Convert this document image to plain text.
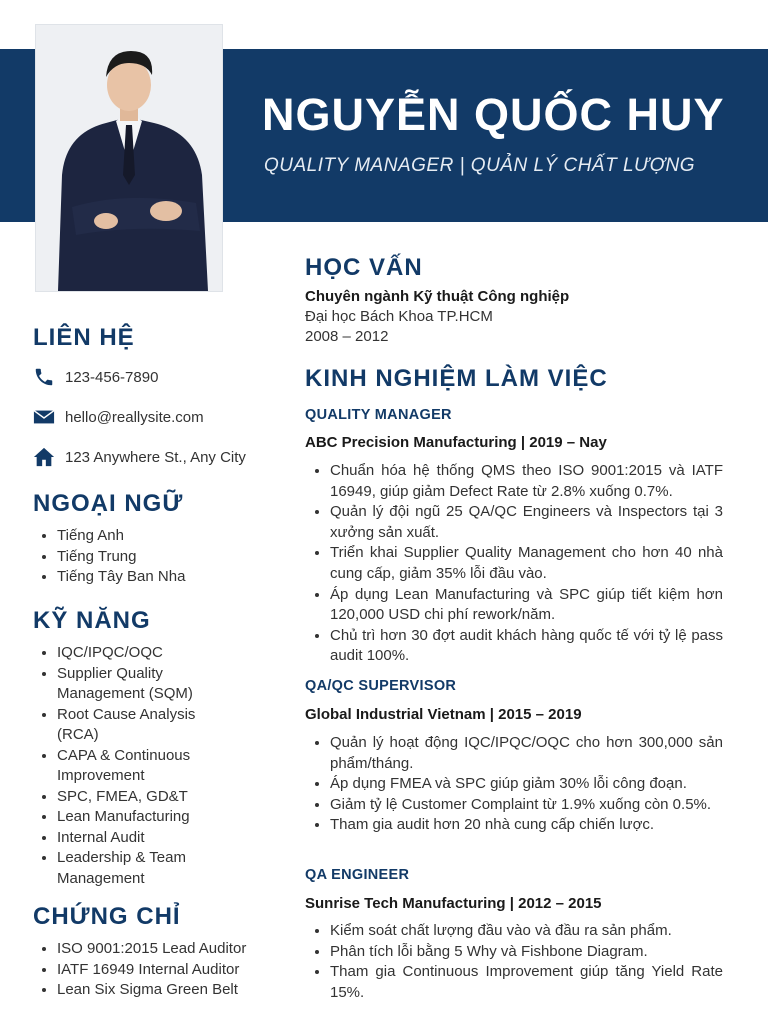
NGUYỄN QUỐC HUY
QUALITY MANAGER | QUẢN LÝ CHẤT LƯỢNG
LIÊN HỆ
123-456-7890
hello@reallysite.com
123 Anywhere St., Any City
NGOẠI NGỮ
• Tiếng Anh
• Tiếng Trung
• Tiếng Tây Ban Nha
KỸ NĂNG
• IQC/IPQC/OQC
• Supplier Quality Management (SQM)
• Root Cause Analysis (RCA)
• CAPA & Continuous Improvement
• SPC, FMEA, GD&T
• Lean Manufacturing
• Internal Audit
• Leadership & Team Management
CHỨNG CHỈ
• ISO 9001:2015 Lead Auditor
• IATF 16949 Internal Auditor
• Lean Six Sigma Green Belt
HỌC VẤN
Chuyên ngành Kỹ thuật Công nghiệp
Đại học Bách Khoa TP.HCM
2008 – 2012
KINH NGHIỆM LÀM VIỆC
QUALITY MANAGER
ABC Precision Manufacturing | 2019 – Nay
• Chuẩn hóa hệ thống QMS theo ISO 9001:2015 và IATF 16949, giúp giảm Defect Rate từ 2.8% xuống 0.7%.
• Quản lý đội ngũ 25 QA/QC Engineers và Inspectors tại 3 xưởng sản xuất.
• Triển khai Supplier Quality Management cho hơn 40 nhà cung cấp, giảm 35% lỗi đầu vào.
• Áp dụng Lean Manufacturing và SPC giúp tiết kiệm hơn 120,000 USD chi phí rework/năm.
• Chủ trì hơn 30 đợt audit khách hàng quốc tế với tỷ lệ pass audit 100%.
QA/QC SUPERVISOR
Global Industrial Vietnam | 2015 – 2019
• Quản lý hoạt động IQC/IPQC/OQC cho hơn 300,000 sản phẩm/tháng.
• Áp dụng FMEA và SPC giúp giảm 30% lỗi công đoạn.
• Giảm tỷ lệ Customer Complaint từ 1.9% xuống còn 0.5%.
• Tham gia audit hơn 20 nhà cung cấp chiến lược.
QA ENGINEER
Sunrise Tech Manufacturing | 2012 – 2015
• Kiểm soát chất lượng đầu vào và đầu ra sản phẩm.
• Phân tích lỗi bằng 5 Why và Fishbone Diagram.
• Tham gia Continuous Improvement giúp tăng Yield Rate 15%.
